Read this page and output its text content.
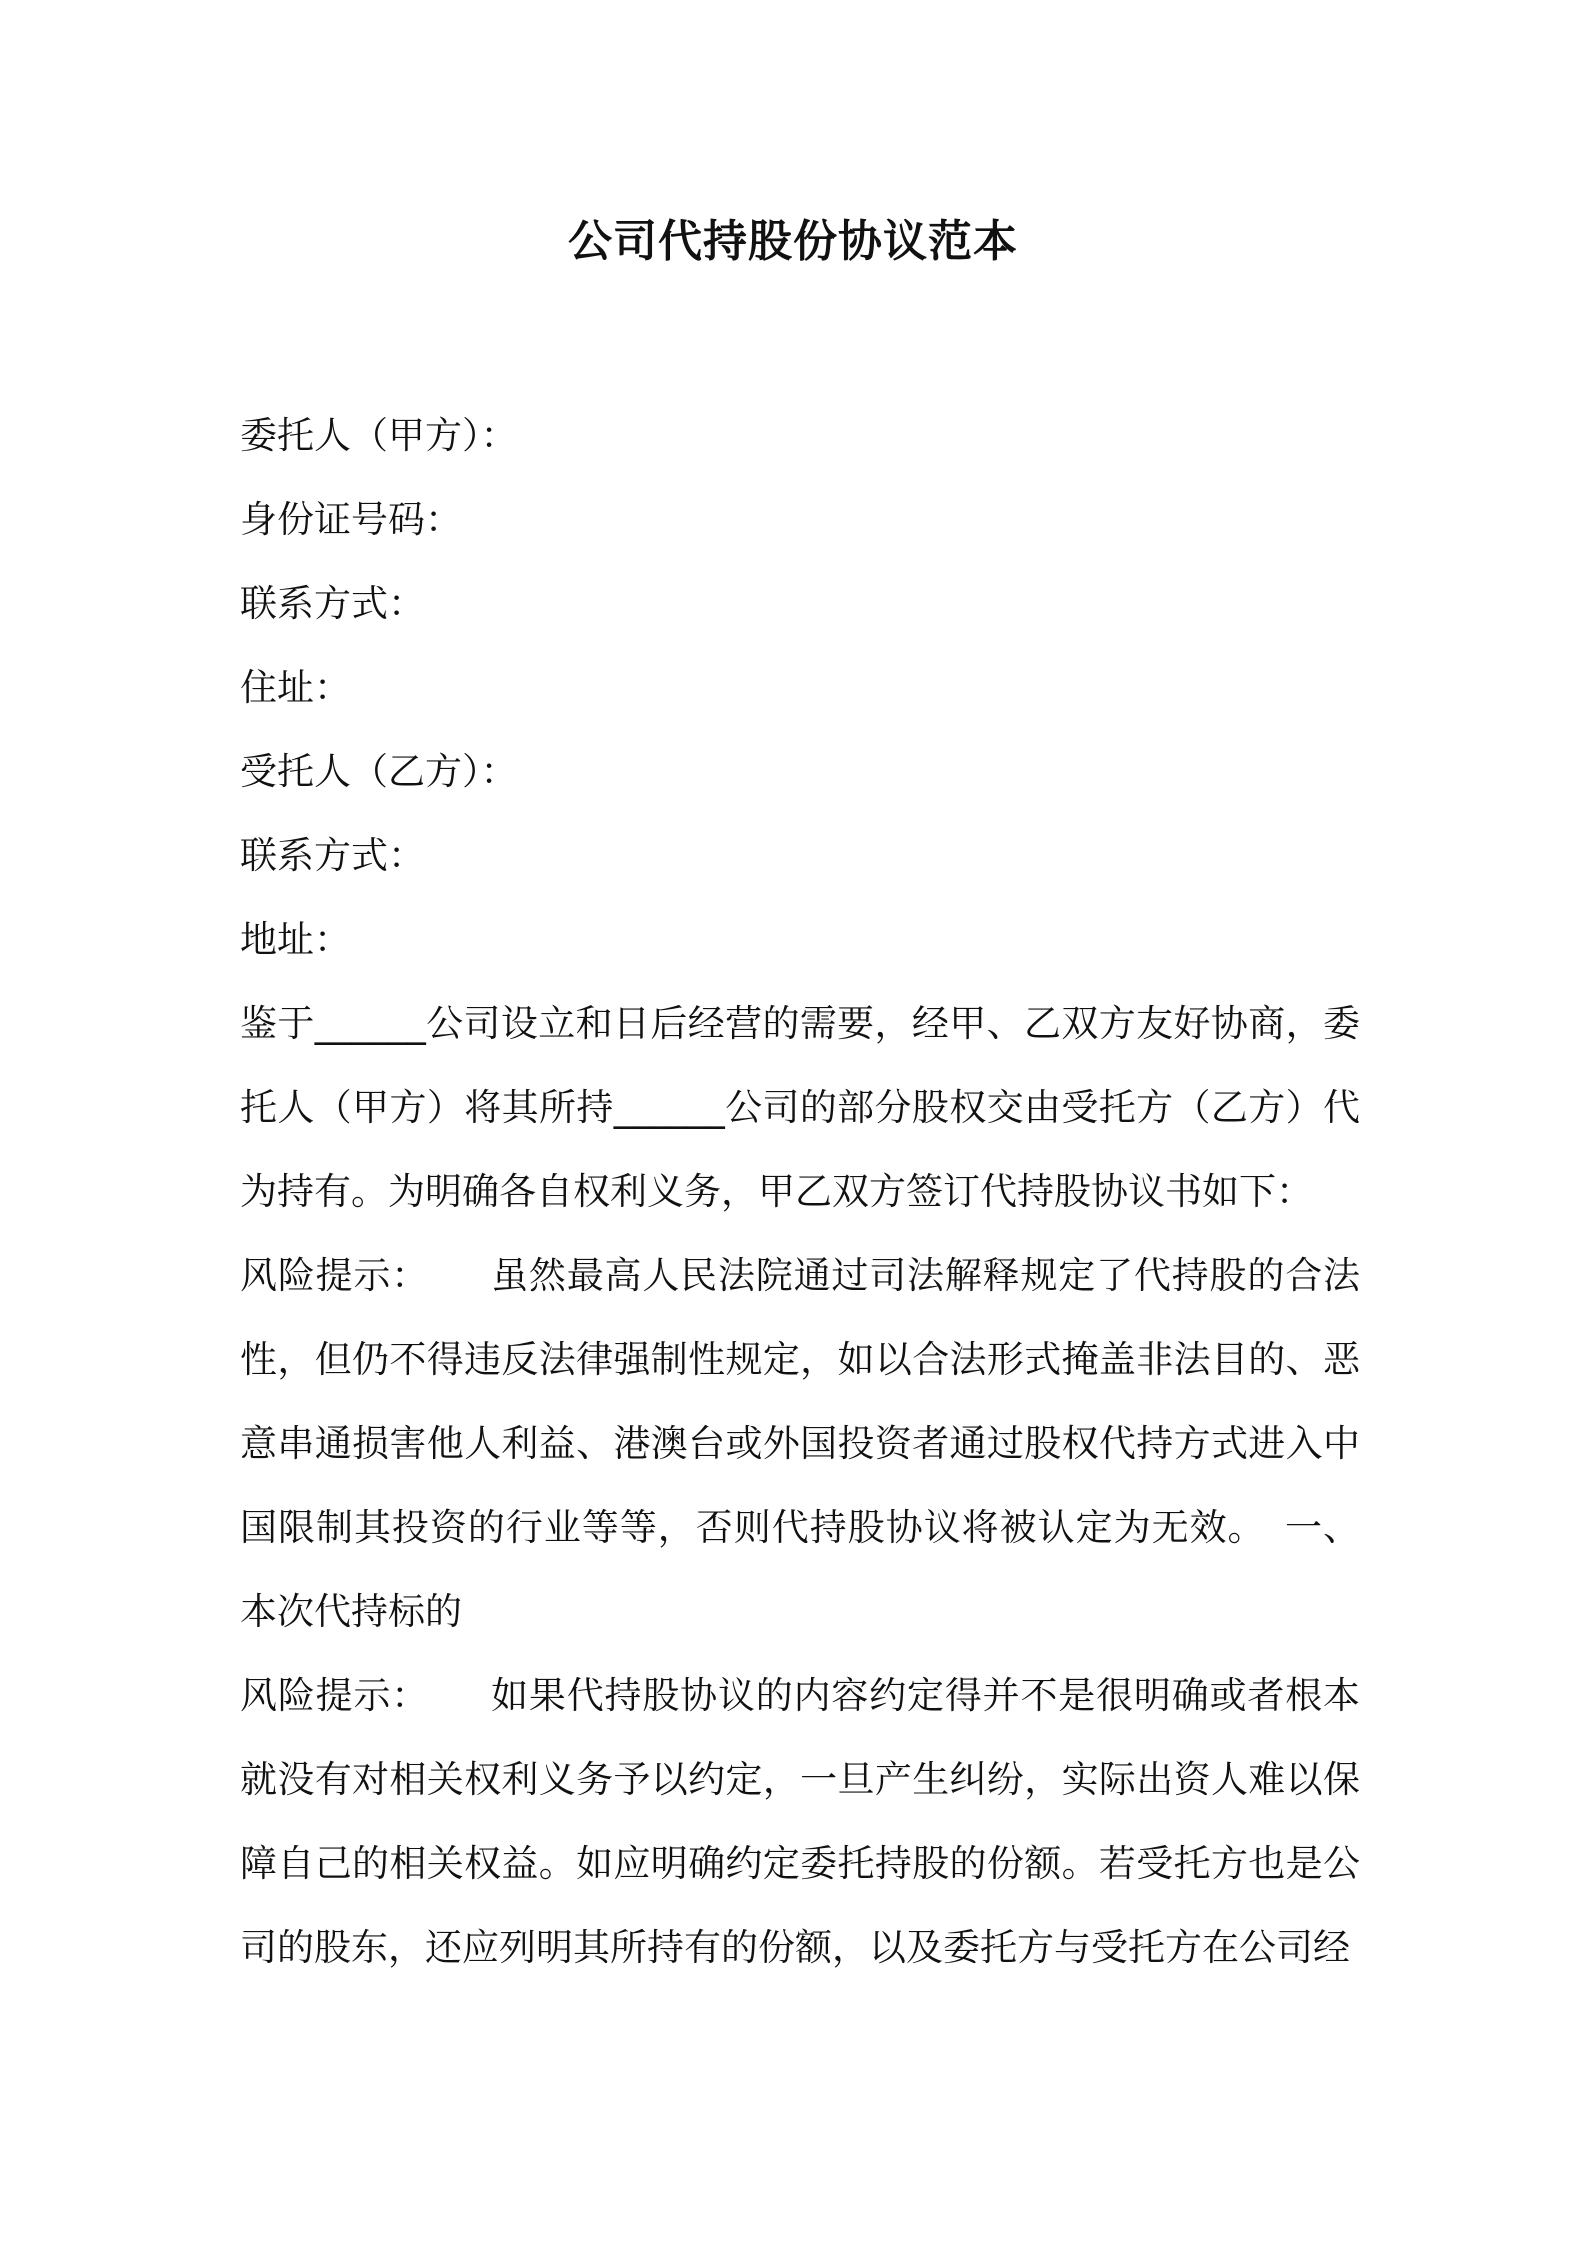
公司代持股份协议范本
委托人（甲方）：
身份证号码：
联系方式：
住址：
受托人（乙方）：
联系方式：
地址：
鉴于______公司设立和日后经营的需要，经甲、乙双方友好协商，委托人（甲方）将其所持______公司的部分股权交由受托方（乙方）代为持有。为明确各自权利义务，甲乙双方签订代持股协议书如下：
风险提示： 虽然最高人民法院通过司法解释规定了代持股的合法性，但仍不得违反法律强制性规定，如以合法形式掩盖非法目的、恶意串通损害他人利益、港澳台或外国投资者通过股权代持方式进入中国限制其投资的行业等等，否则代持股协议将被认定为无效。　一、本次代持标的
风险提示： 如果代持股协议的内容约定得并不是很明确或者根本就没有对相关权利义务予以约定，一旦产生纠纷，实际出资人难以保障自己的相关权益。如应明确约定委托持股的份额。若受托方也是公司的股东，还应列明其所持有的份额，以及委托方与受托方在公司经
